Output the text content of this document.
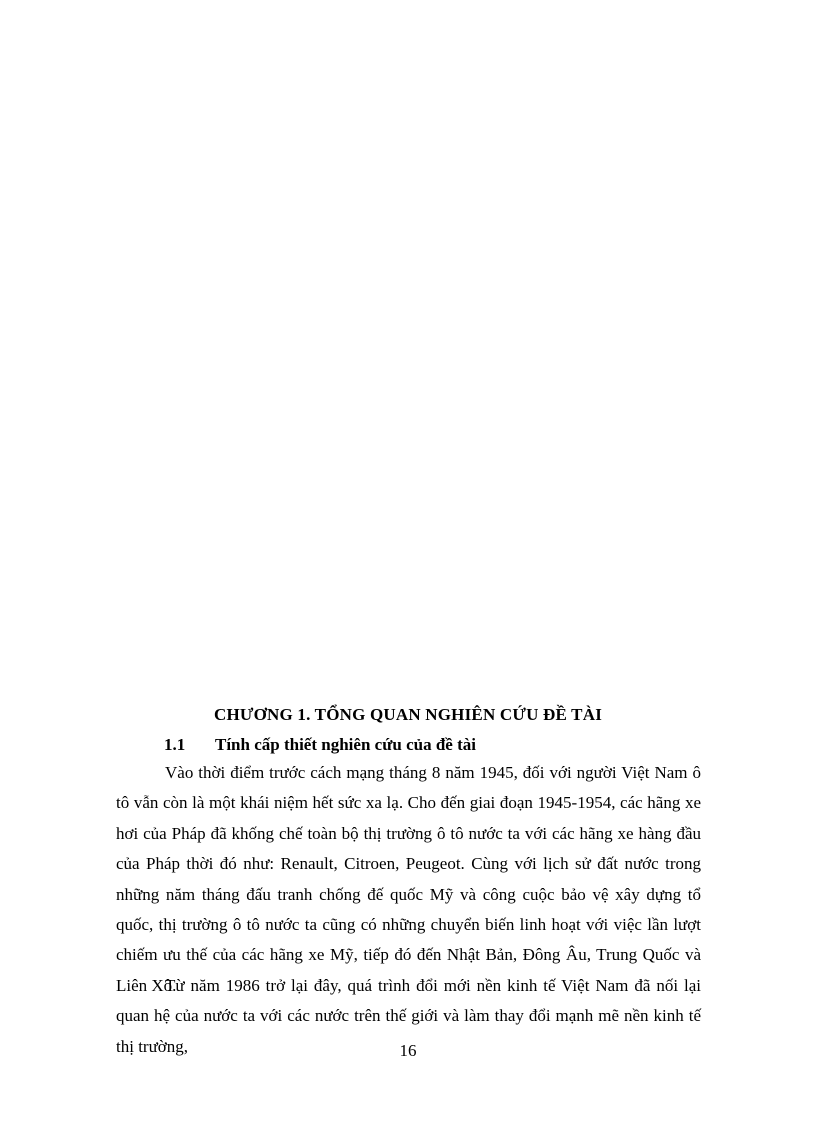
CHƯƠNG 1. TỔNG QUAN NGHIÊN CỨU ĐỀ TÀI
1.1 Tính cấp thiết nghiên cứu của đề tài

Vào thời điểm trước cách mạng tháng 8 năm 1945, đối với người Việt Nam ô tô vẫn còn là một khái niệm hết sức xa lạ. Cho đến giai đoạn 1945-1954, các hãng xe hơi của Pháp đã khống chế toàn bộ thị trường ô tô nước ta với các hãng xe hàng đầu của Pháp thời đó như: Renault, Citroen, Peugeot. Cùng với lịch sử đất nước trong những năm tháng đấu tranh chống đế quốc Mỹ và công cuộc bảo vệ xây dựng tổ quốc, thị trường ô tô nước ta cũng có những chuyển biến linh hoạt với việc lần lượt chiếm ưu thế của các hãng xe Mỹ, tiếp đó đến Nhật Bản, Đông Âu, Trung Quốc và Liên Xô.

Từ năm 1986 trở lại đây, quá trình đổi mới nền kinh tế Việt Nam đã nối lại quan hệ của nước ta với các nước trên thế giới và làm thay đổi mạnh mẽ nền kinh tế thị trường,	16
